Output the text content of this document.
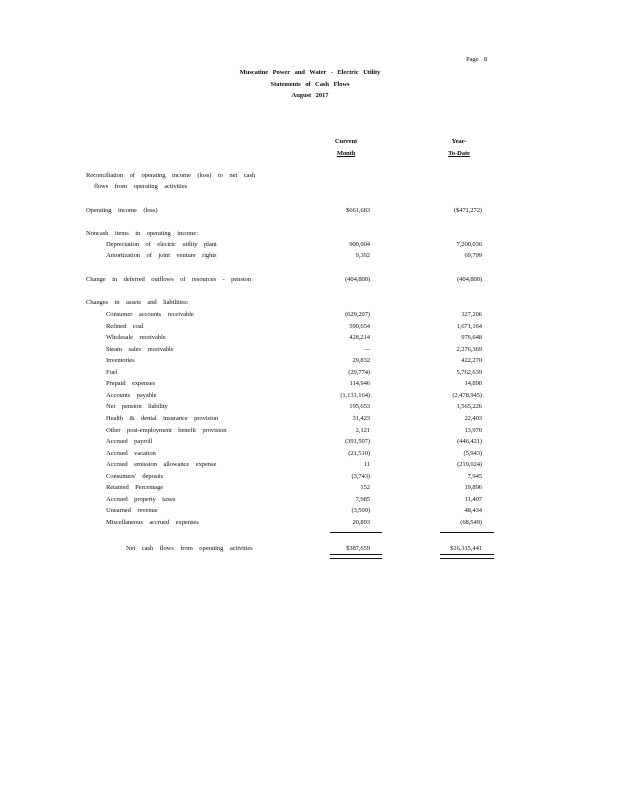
Page 8
Muscatine Power and Water - Electric Utility
Statements of Cash Flows
August 2017
Current
Month
Year-
To-Date
Reconciliation of operating income (loss) to net cash
flows from operating activities
Operating income (loss)	$661,683	($471,272)
Noncash items in operating income:
Depreciation of electric utility plant	900,004	7,200,036
Amortization of joint venture rights	9,392	69,799
Change in deferred outflows of resources - pension	(404,800)	(404,800)
Changes in assets and liabilities:
Consumer accounts receivable	(629,297)	327,206
Refined coal	590,654	1,671,164
Wholesale receivable	428,214	976,648
Steam sales receivable	—	2,276,369
Inventories	29,832	422,270
Fuel	(29,774)	5,762,639
Prepaid expenses	114,946	14,890
Accounts payable	(1,131,164)	(2,478,945)
Net pension liability	195,653	1,565,226
Health & dental insurance provision	31,423	22,403
Other post-employment benefit provision	2,121	13,970
Accrued payroll	(391,507)	(446,421)
Accrued vacation	(21,510)	(5,943)
Accrued emission allowance expense	11	(219,024)
Consumers' deposits	(3,743)	7,945
Retained Percentage	152	19,896
Accrued property taxes	7,985	11,407
Unearned revenue	(3,509)	48,434
Miscellaneous accrued expenses	20,893	(68,549)
Net cash flows from operating activities	$387,659	$16,315,441
